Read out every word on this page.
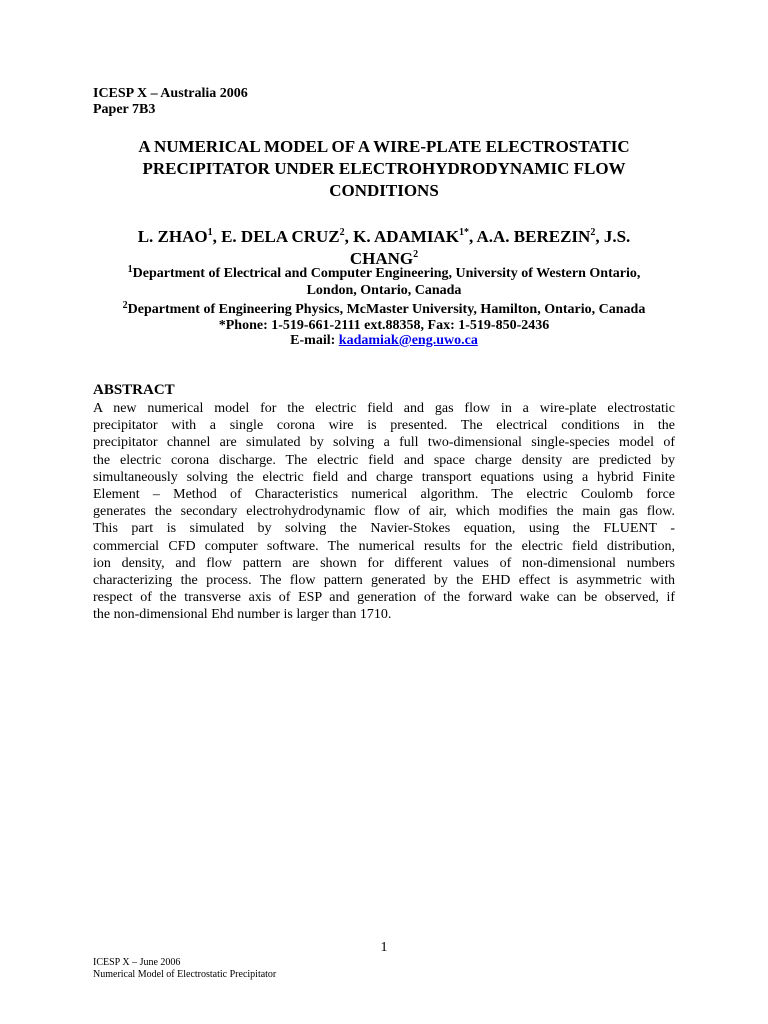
ICESP X – Australia 2006
Paper 7B3
A NUMERICAL MODEL OF A WIRE-PLATE ELECTROSTATIC
PRECIPITATOR UNDER ELECTROHYDRODYNAMIC FLOW
CONDITIONS
L. ZHAO$^1$, E. DELA CRUZ$^2$, K. $ADAMIAK^{1*}$, A.A. BEREZIN$^2$, J.S.
CHANG$^2$
$^1$Department of Electrical and Computer Engineering, University of Western Ontario,
London, Ontario, Canada
$^2$Department of Engineering Physics, McMaster University, Hamilton, Ontario, Canada
*Phone: 1-519-661-2111 ext.88358, Fax: 1-519-850-2436
E-mail: kadamiak@eng.uwo.ca
ABSTRACT
A new numerical model for the electric field and gas flow in a wire-plate electrostatic
precipitator with a single corona wire is presented. The electrical conditions in the
precipitator channel are simulated by solving a full two-dimensional single-species model of
the electric corona discharge. The electric field and space charge density are predicted by
simultaneously solving the electric field and charge transport equations using a hybrid Finite
Element – Method of Characteristics numerical algorithm. The electric Coulomb force
generates the secondary electrohydrodynamic flow of air, which modifies the main gas flow.
This part is simulated by solving the Navier-Stokes equation, using the FLUENT -
commercial CFD computer software. The numerical results for the electric field distribution,
ion density, and flow pattern are shown for different values of non-dimensional numbers
characterizing the process. The flow pattern generated by the EHD effect is asymmetric with
respect of the transverse axis of ESP and generation of the forward wake can be observed, if
the non-dimensional Ehd number is larger than 1710.
1
ICESP X – June 2006
Numerical Model of Electrostatic Precipitator
